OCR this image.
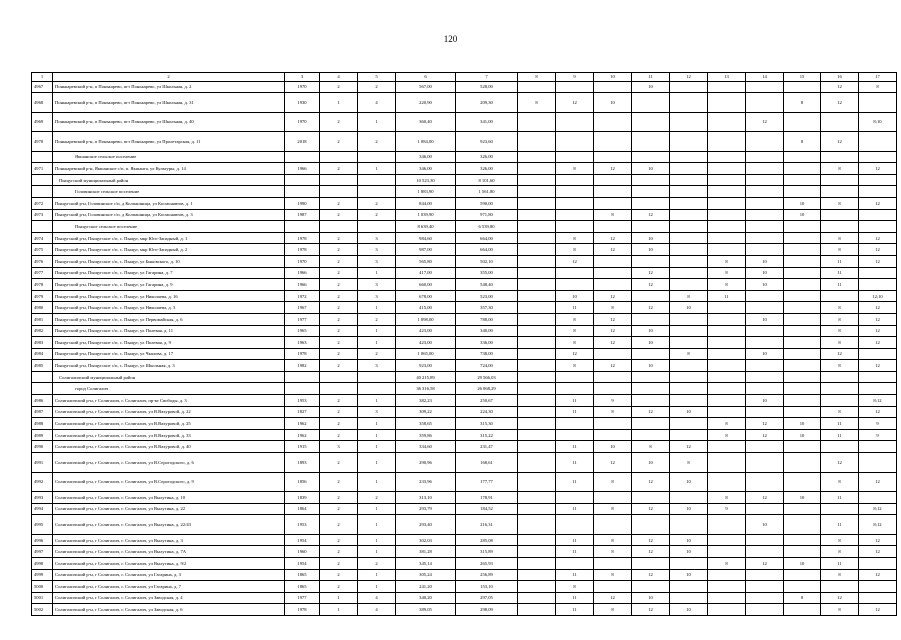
120
1	2	3	4	5	6	7	8	9	10	11	12	13	14	15	16	17
4967	Понькаревский р-н, п Понькарево, пгт Понькарево, ул Школьная, д. 2	1970	2	2	567,00	528,00				10					12	8
4968	Понькаревский р-н, п Понькарево, пгт Понькарево, ул Школьная, д. 31	1930	1	4	220,90	209,30	8	12	10					8	12	
4969	Понькаревский р-н, п Понькарево, пгт Понькарево, ул Школьная, д. 40	1970	2	1	360,40	341,00							12			8;10
4970	Понькаревский р-н, п Понькарево, пгт Понькарево, ул Пролетарская, д. 11	2018	2	2	1 084,00	923,60								8	12	
	Якшанское сельское поселение				346,00	326,00										
4971	Понькаревский р-н, Якшанское с/п, п. Якшанга, ул Культуры, д. 14	1966	2	1	346,00	326,00		8	12	10					8	12
	Пыщугский муниципальный район				10 523,30	8 101,60										
	Головинское сельское поселение				1 883,90	1 561,80										
4972	Пыщугский р-н, Головинское с/п, д Колпашница, ул Космонавтов, д. 1	1990	2	2	844,00	590,00								10	8	12
4973	Пыщугский р-н, Головинское с/п, д Колпашница, ул Космонавтов, д. 3	1987	2	2	1 039,90	971,80			8	12				10		
	Пыщугское сельское поселение				8 639,40	6 539,80										
4974	Пыщугский р-н, Пыщугское с/п, с. Пыщуг, мкр Юго-Западный, д. 1	1978	2	3	984,60	664,00		8	12	10					8	12
4975	Пыщугский р-н, Пыщугское с/п, с. Пыщуг, мкр Юго-Западный, д. 2	1978	2	3	987,00	664,00		8	12	10					8	12
4976	Пыщугский р-н, Пыщугское с/п, с. Пыщуг, ул Быковского, д. 10	1970	2	3	565,80	502,10		12				8	10		11	12
4977	Пыщугский р-н, Пыщугское с/п, с. Пыщуг, ул Гагарина, д. 7	1966	2	1	417,00	355,00				12		8	10		11	
4978	Пыщугский р-н, Пыщугское с/п, с. Пыщуг, ул Гагарина, д. 9	1966	2	3	660,00	548,40				12		8	10		11	
4979	Пыщугский р-н, Пыщугское с/п, с. Пыщуг, ул Николаева, д. 16	1972	2	3	678,00	523,00		10	12		8	11				12;10
4980	Пыщугский р-н, Пыщугское с/п, с. Пыщуг, ул Николаева, д. 3	1967	2	1	415,00	357,30		11	8	12	10				8	12
4981	Пыщугский р-н, Пыщугское с/п, с. Пыщуг, ул Первомайская, д. 6	1977	2	2	1 098,00	788,00		8	12				10		8	12
4982	Пыщугский р-н, Пыщугское с/п, с. Пыщуг, ул Полевая, д. 11	1965	2	1	423,00	340,00		8	12	10					8	12
4983	Пыщугский р-н, Пыщугское с/п, с. Пыщуг, ул Полевая, д. 9	1963	2	1	423,00	336,00		8	12	10					8	12
4984	Пыщугский р-н, Пыщугское с/п, с. Пыщуг, ул Чкалова, д. 17	1978	2	2	1 065,00	738,00		12			8		10		12	
4985	Пыщугский р-н, Пыщугское с/п, с. Пыщуг, ул Школьная, д. 3	1982	2	3	923,00	724,00		8	12	10					8	12
	Солигаличский муниципальный район				40 215,89	29 566,03										
	город Солигалич				36 316,58	26 068,29										
4986	Солигаличский р-н, г Солигалич, г. Солигалич, пр-кт Свободы, д. 3	1953	2	1	382,23	250,67		11	9				10			8;12
4987	Солигаличский р-н, г Солигалич, г. Солигалич, ул В.Вахуровой, д. 22	1827	2	3	309,22	224,30		11	8	12	10				8	12
4988	Солигаличский р-н, г Солигалич, г. Солигалич, ул В.Вахуровой, д. 25	1962	2	1	358,65	315,30						8	12	10	11	9
4989	Солигаличский р-н, г Солигалич, г. Солигалич, ул В.Вахуровой, д. 33	1962	2	1	359,86	315,22						8	12	10	11	9
4990	Солигаличский р-н, г Солигалич, г. Солигалич, ул В.Вахуровой, д. 40	1915	3	1	334,60	231,47		11	10	8	12					
4991	Солигаличский р-н, г Солигалич, г. Солигалич, ул В.Серогодского, д. 6	1893	2	1	290,96	168,61		11	12	10	8				12	
4992	Солигаличский р-н, г Солигалич, г. Солигалич, ул В.Серогодского, д. 9	1856	2	1	233,96	177,77		11	8	12	10				8	12
4993	Солигаличский р-н, г Солигалич, г. Солигалич, ул Вылугина, д. 10	1839	2	2	313,10	178,91						8	12	10	11	
4994	Солигаличский р-н, г Солигалич, г. Солигалич, ул Вылугина, д. 22	1864	2	1	293,79	184,52		11	8	12	10	9				8;12
4995	Солигаличский р-н, г Солигалич, г. Солигалич, ул Вылугина, д. 22/43	1953	2	1	293,40	216,31							10		11	8;12
4996	Солигаличский р-н, г Солигалич, г. Солигалич, ул Вылугина, д. 3	1954	2	1	302,03	285,08		11	8	12	10				8	12
4997	Солигаличский р-н, г Солигалич, г. Солигалич, ул Вылугина, д. 7А	1960	2	1	381,28	315,89		11	8	12	10				8	12
4998	Солигаличский р-н, г Солигалич, г. Солигалич, ул Вылугина, д. 9/2	1954	2	2	345,14	265,93						8	12	10	11	
4999	Солигаличский р-н, г Солигалич, г. Солигалич, ул Гагарина, д. 3	1865	2	1	305,24	256,89		11	8	12	10				8	12
5000	Солигаличский р-н, г Солигалич, г. Солигалич, ул Гагарина, д. 7	1865	2	1	241,20	153,10		8								
5001	Солигаличский р-н, г Солигалич, г. Солигалич, ул Заводская, д. 4	1977	1	4	340,20	297,05		11	12	10				8	12	
5002	Солигаличский р-н, г Солигалич, г. Солигалич, ул Заводская, д. 6	1978	1	4	389,05	298,09		11	8	12	10				8	12
